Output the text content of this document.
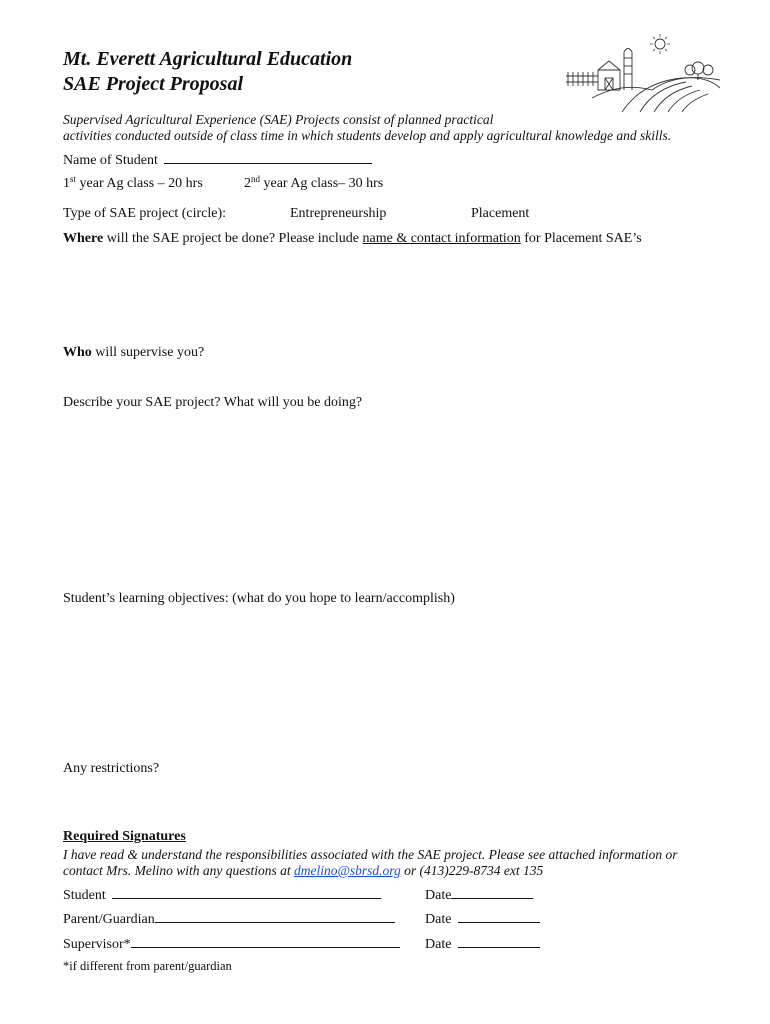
Mt. Everett Agricultural Education
SAE Project Proposal
Supervised Agricultural Experience (SAE) Projects consist of planned practical
activities conducted outside of class time in which students develop and apply agricultural knowledge and skills.
Name of Student
1st year Ag class – 20 hrs	2nd year Ag class– 30 hrs
Type of SAE project (circle):	Entrepreneurship	Placement
Where will the SAE project be done? Please include name & contact information for Placement SAE’s
Who will supervise you?
Describe your SAE project? What will you be doing?
Student’s learning objectives: (what do you hope to learn/accomplish)
Any restrictions?
Required Signatures
I have read & understand the responsibilities associated with the SAE project. Please see attached information or
contact Mrs. Melino with any questions at dmelino@sbrsd.org or (413)229-8734 ext 135
Student	Date
Parent/Guardian	Date
Supervisor*	Date
*if different from parent/guardian
